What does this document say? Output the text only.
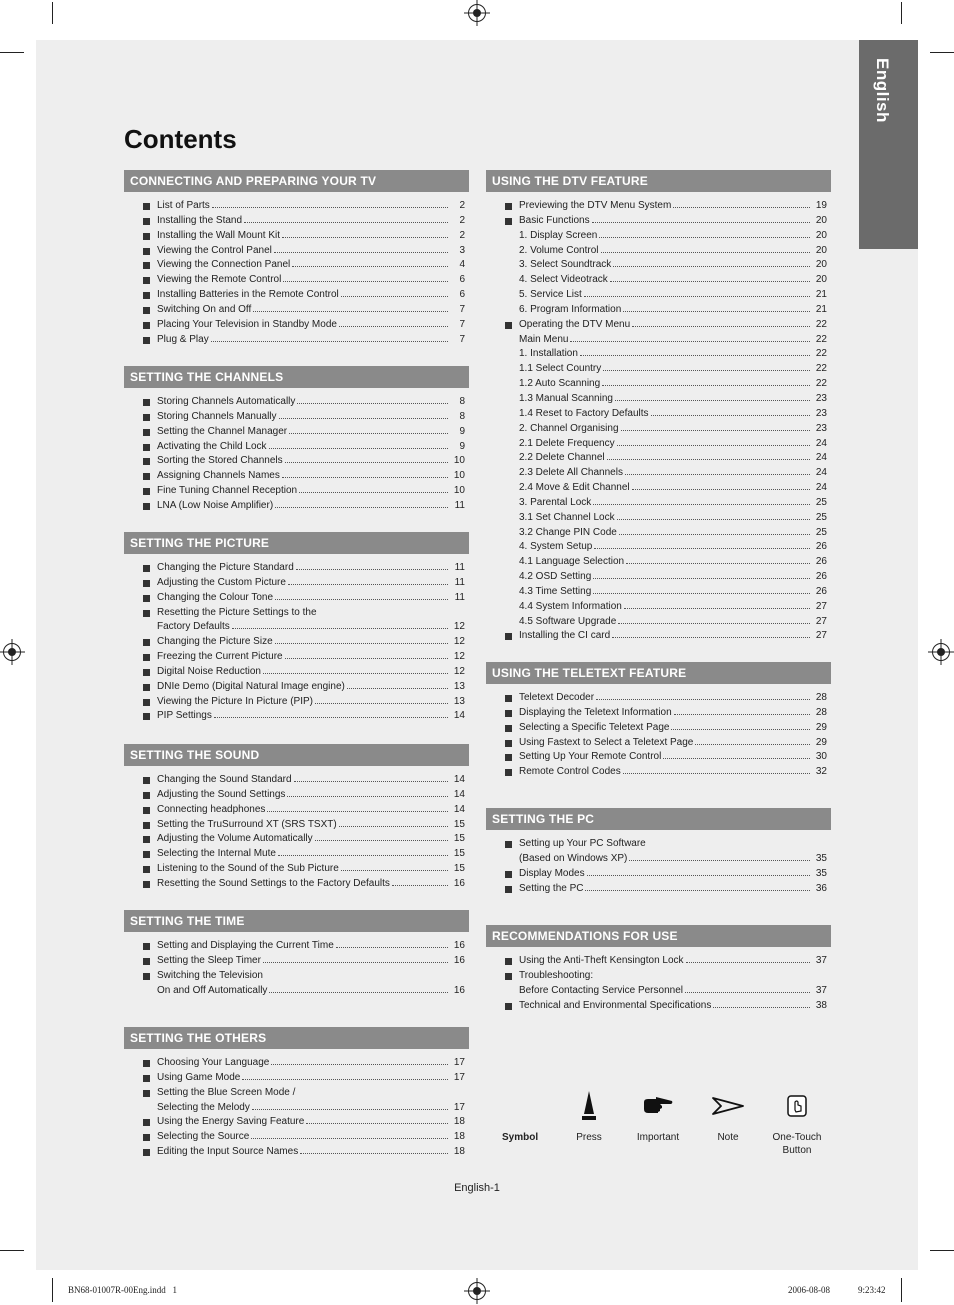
English
Contents
CONNECTING AND PREPARING YOUR TV
List of Parts	2
Installing the Stand	2
Installing the Wall Mount Kit	2
Viewing the Control Panel	3
Viewing the Connection Panel	4
Viewing the Remote Control	6
Installing Batteries in the Remote Control	6
Switching On and Off	7
Placing Your Television in Standby Mode	7
Plug & Play	7
SETTING THE CHANNELS
Storing Channels Automatically	8
Storing Channels Manually	8
Setting the Channel Manager	9
Activating the Child Lock	9
Sorting the Stored Channels	10
Assigning Channels Names	10
Fine Tuning Channel Reception	10
LNA (Low Noise Amplifier)	11
SETTING THE PICTURE
Changing the Picture Standard	11
Adjusting the Custom Picture	11
Changing the Colour Tone	11
Resetting the Picture Settings to the
Factory Defaults	12
Changing the Picture Size	12
Freezing the Current Picture	12
Digital Noise Reduction	12
DNIe Demo (Digital Natural Image engine)	13
Viewing the Picture In Picture (PIP)	13
PIP Settings	14
SETTING THE SOUND
Changing the Sound Standard	14
Adjusting the Sound Settings	14
Connecting headphones	14
Setting the TruSurround XT (SRS TSXT)	15
Adjusting the Volume Automatically	15
Selecting the Internal Mute	15
Listening to the Sound of the Sub Picture	15
Resetting the Sound Settings to the Factory Defaults	16
SETTING THE TIME
Setting and Displaying the Current Time	16
Setting the Sleep Timer	16
Switching the Television
On and Off Automatically	16
SETTING THE OTHERS
Choosing Your Language	17
Using Game Mode	17
Setting the Blue Screen Mode /
Selecting the Melody	17
Using the Energy Saving Feature	18
Selecting the Source	18
Editing the Input Source Names	18
USING THE DTV FEATURE
Previewing the DTV Menu System	19
Basic Functions	20
1. Display Screen	20
2. Volume Control	20
3. Select Soundtrack	20
4. Select Videotrack	20
5. Service List	21
6. Program Information	21
Operating the DTV Menu	22
Main Menu	22
1. Installation	22
1.1 Select Country	22
1.2 Auto Scanning	22
1.3 Manual Scanning	23
1.4 Reset to Factory Defaults	23
2. Channel Organising	23
2.1 Delete Frequency	24
2.2 Delete Channel	24
2.3 Delete All Channels	24
2.4 Move & Edit Channel	24
3. Parental Lock	25
3.1 Set Channel Lock	25
3.2 Change PIN Code	25
4. System Setup	26
4.1 Language Selection	26
4.2 OSD Setting	26
4.3 Time Setting	26
4.4 System Information	27
4.5 Software Upgrade	27
Installing the CI card	27
USING THE TELETEXT FEATURE
Teletext Decoder	28
Displaying the Teletext Information	28
Selecting a Specific Teletext Page	29
Using Fastext to Select a Teletext Page	29
Setting Up Your Remote Control	30
Remote Control Codes	32
SETTING THE PC
Setting up Your PC Software
(Based on Windows XP)	35
Display Modes	35
Setting the PC	36
RECOMMENDATIONS FOR USE
Using the Anti-Theft Kensington Lock	37
Troubleshooting:
Before Contacting Service Personnel	37
Technical and Environmental Specifications	38
Symbol	Press	Important	Note	One-Touch
Button
English-1
BN68-01007R-00Eng.indd   1	2006-08-08	9:23:42
